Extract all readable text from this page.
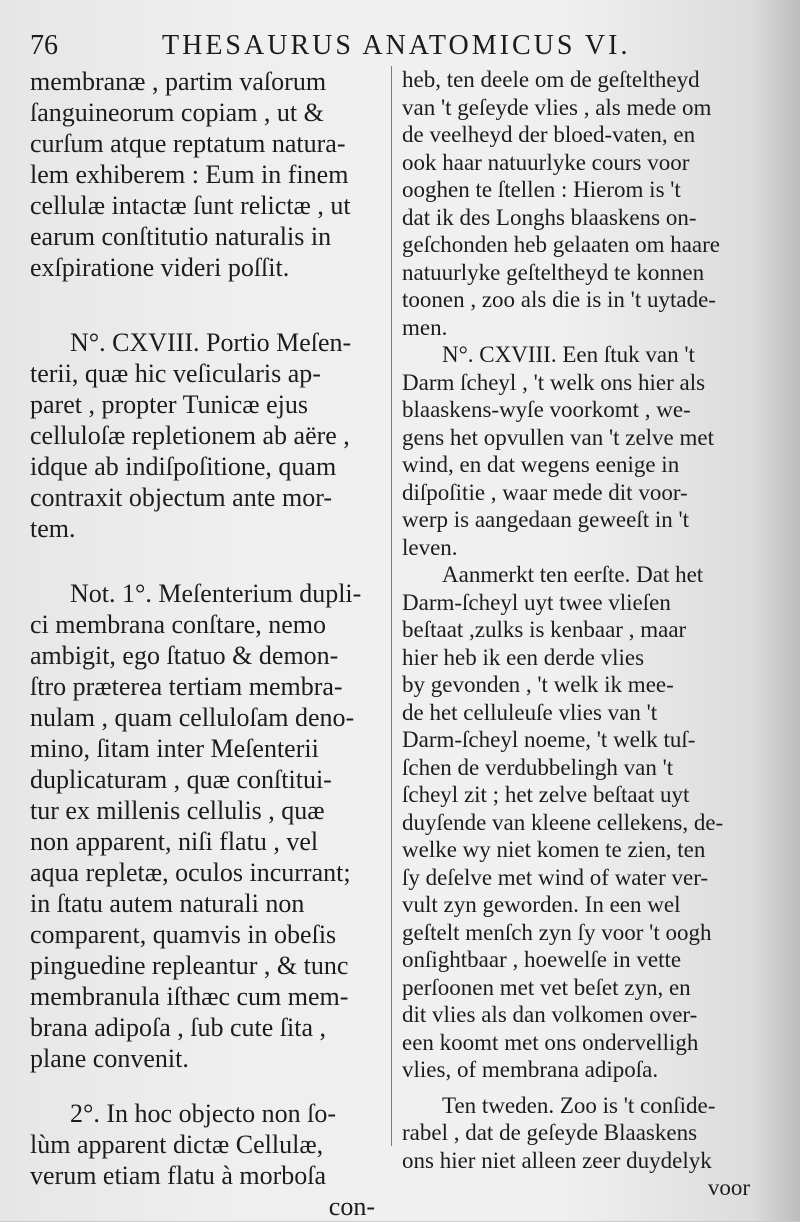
76	THESAURUS ANATOMICUS VI.
membranæ , partim vaſorum
ſanguineorum copiam , ut &
curſum atque reptatum natura-
lem exhiberem : Eum in finem
cellulæ intactæ ſunt relictæ , ut
earum conſtitutio naturalis in
exſpiratione videri poſſit.
N°. CXVIII. Portio Meſen-
terii, quæ hic veſicularis ap-
paret , propter Tunicæ ejus
celluloſæ repletionem ab aëre ,
idque ab indiſpoſitione, quam
contraxit objectum ante mor-
tem.
Not. 1°. Meſenterium dupli-
ci membrana conſtare, nemo
ambigit, ego ſtatuo & demon-
ſtro præterea tertiam membra-
nulam , quam celluloſam deno-
mino, ſitam inter Meſenterii
duplicaturam , quæ conſtitui-
tur ex millenis cellulis , quæ
non apparent, niſi flatu , vel
aqua repletæ, oculos incurrant;
in ſtatu autem naturali non
comparent, quamvis in obeſis
pinguedine repleantur , & tunc
membranula iſthæc cum mem-
brana adipoſa , ſub cute ſita ,
plane convenit.
2°. In hoc objecto non ſo-
lùm apparent dictæ Cellulæ,
verum etiam flatu à morboſa
con-
heb, ten deele om de geſteltheyd
van 't geſeyde vlies , als mede om
de veelheyd der bloed-vaten, en
ook haar natuurlyke cours voor
ooghen te ſtellen : Hierom is 't
dat ik des Longhs blaaskens on-
geſchonden heb gelaaten om haare
natuurlyke geſteltheyd te konnen
toonen , zoo als die is in 't uytade-
men.
N°. CXVIII. Een ſtuk van 't
Darm ſcheyl , 't welk ons hier als
blaaskens-wyſe voorkomt , we-
gens het opvullen van 't zelve met
wind, en dat wegens eenige in
diſpoſitie , waar mede dit voor-
werp is aangedaan geweeſt in 't
leven.
Aanmerkt ten eerſte. Dat het
Darm-ſcheyl uyt twee vlieſen
beſtaat ,zulks is kenbaar , maar
hier heb ik een derde vlies
by gevonden , 't welk ik mee-
de het celluleuſe vlies van 't
Darm-ſcheyl noeme, 't welk tuſ-
ſchen de verdubbelingh van 't
ſcheyl zit ; het zelve beſtaat uyt
duyſende van kleene cellekens, de-
welke wy niet komen te zien, ten
ſy deſelve met wind of water ver-
vult zyn geworden. In een wel
geſtelt menſch zyn ſy voor 't oogh
onſightbaar , hoewelſe in vette
perſoonen met vet beſet zyn, en
dit vlies als dan volkomen over-
een koomt met ons ondervelligh
vlies, of membrana adipoſa.
Ten tweden. Zoo is 't conſide-
rabel , dat de geſeyde Blaaskens
ons hier niet alleen zeer duydelyk
voor
